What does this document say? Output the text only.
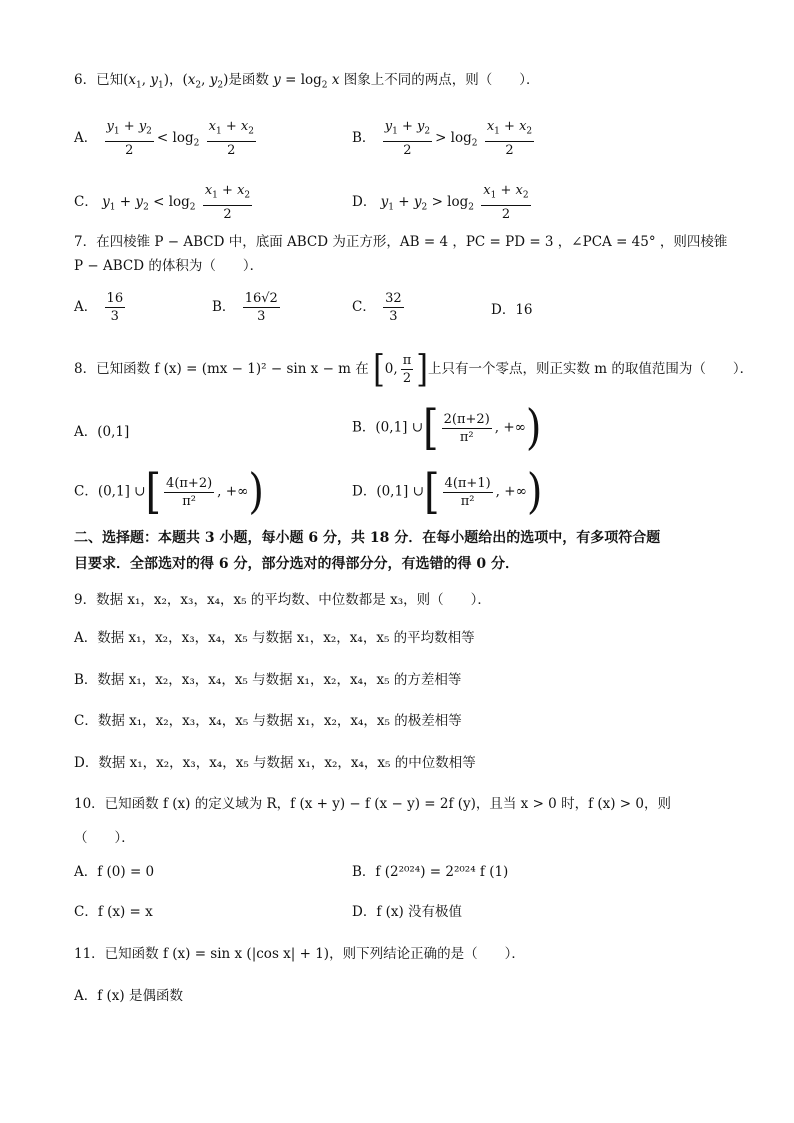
6．已知($x_1$, $y_1$)，($x_2$, $y_2$)是函数 $y = \log_2 x$ 图象上不同的两点，则（　　）．
A． $\frac{y_1 + y_2}{2} < \log_2 \frac{x_1 + x_2}{2}$	B． $\frac{y_1 + y_2}{2} > \log_2 \frac{x_1 + x_2}{2}$
C． $y_1 + y_2 < \log_2 \frac{x_1 + x_2}{2}$	D． $y_1 + y_2 > \log_2 \frac{x_1 + x_2}{2}$
7．在四棱锥 P − ABCD 中，底面 ABCD 为正方形，AB = 4 ，PC = PD = 3 ，∠PCA = 45° ，则四棱锥
P − ABCD 的体积为（　　）．
A． $\frac{16}{3}$	B． $\frac{16√2}{3}$	C． $\frac{32}{3}$	D．16
8．已知函数 f (x) = (mx − 1)² − sin x − m 在 [0, $\frac{\pi}{2}$ ]上只有一个零点，则正实数 m 的取值范围为（　　）．
A．(0,1]	B．(0,1] ∪[ $\frac{2(\pi+2)}{\text{π²}}$ , +∞)
C．(0,1] ∪[ $\frac{4(\pi+2)}{\text{π²}}$ , +∞)	D．(0,1] ∪[ $\frac{4(\pi+1)}{\text{π²}}$ , +∞)
二、选择题：本题共 3 小题，每小题 6 分，共 18 分．在每小题给出的选项中，有多项符合题
目要求．全部选对的得 6 分，部分选对的得部分分，有选错的得 0 分．
9．数据 x₁，x₂，x₃，x₄，x₅ 的平均数、中位数都是 x₃，则（　　）．
A．数据 x₁，x₂，x₃，x₄，x₅ 与数据 x₁，x₂，x₄，x₅ 的平均数相等
B．数据 x₁，x₂，x₃，x₄，x₅ 与数据 x₁，x₂，x₄，x₅ 的方差相等
C．数据 x₁，x₂，x₃，x₄，x₅ 与数据 x₁，x₂，x₄，x₅ 的极差相等
D．数据 x₁，x₂，x₃，x₄，x₅ 与数据 x₁，x₂，x₄，x₅ 的中位数相等
10．已知函数 f (x) 的定义域为 R，f (x + y) − f (x − y) = 2f (y)，且当 x > 0 时，f (x) > 0，则
（　　）．
A．f (0) = 0	B．f (2²⁰²⁴) = 2²⁰²⁴ f (1)
C．f (x) = x	D．f (x) 没有极值
11．已知函数 f (x) = sin x (|cos x| + 1)，则下列结论正确的是（　　）．
A．f (x) 是偶函数
